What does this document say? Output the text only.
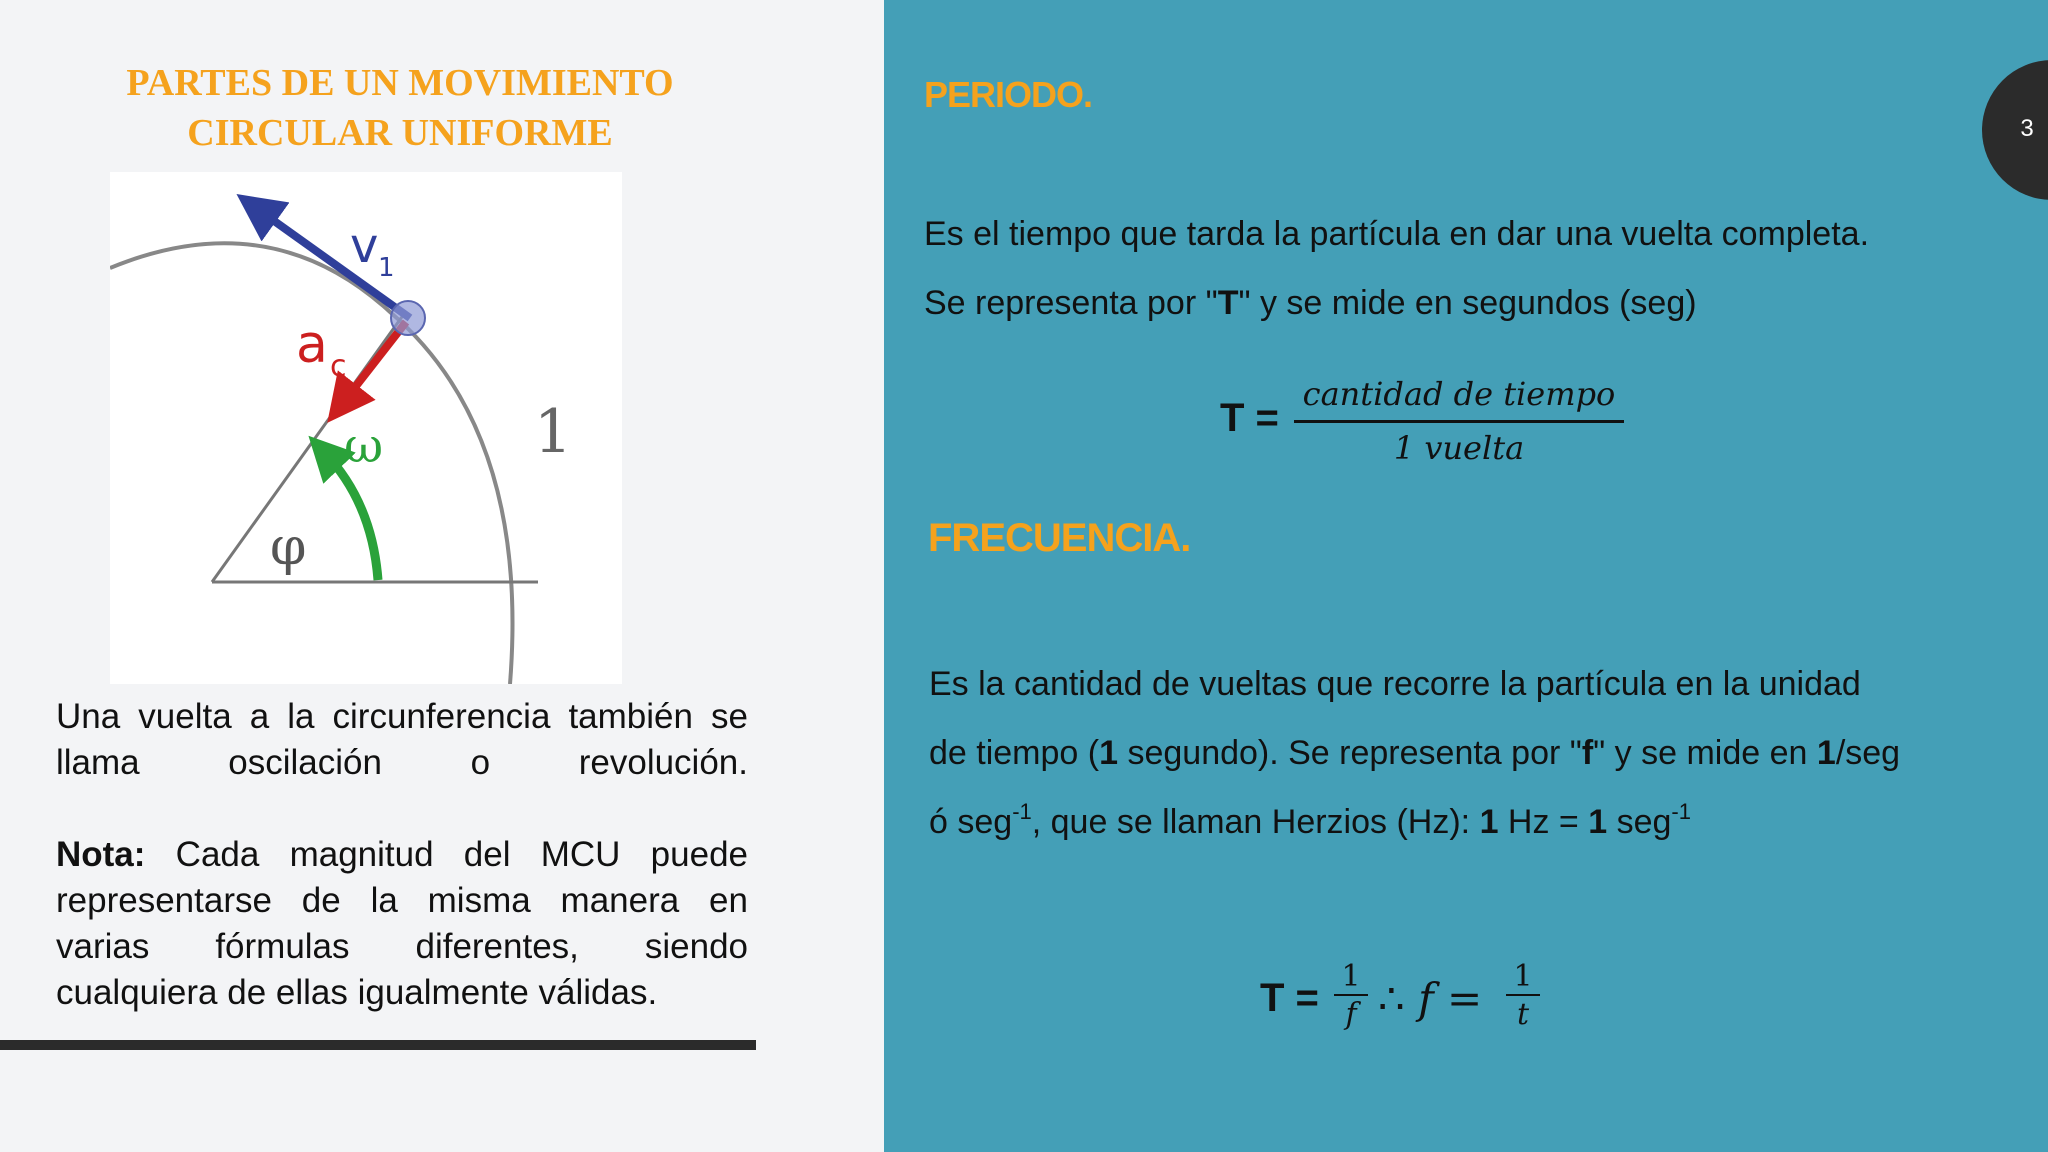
PARTES DE UN MOVIMIENTO
CIRCULAR UNIFORME
v 1
a c
ω
φ
1

Una vuelta a la circunferencia también se

llama oscilación o revolución.

Nota: Cada magnitud del MCU puede

representarse de la misma manera en

varias fórmulas diferentes, siendo

cualquiera de ellas igualmente válidas.

PERIODO.
Es el tiempo que tarda la partícula en dar una vuelta completa.
Se representa por "T" y se mide en segundos (seg)
T =
cantidad de tiempo
1 vuelta
FRECUENCIA.
Es la cantidad de vueltas que recorre la partícula en la unidad
de tiempo (1 segundo). Se representa por "f" y se mide en 1/seg
ó seg$^{-1}$, que se llaman Herzios (Hz): 1 Hz = 1 seg$^{-1}$
$T = \frac{1}{f}$ ∴ $f = \frac{1}{t}$
3
